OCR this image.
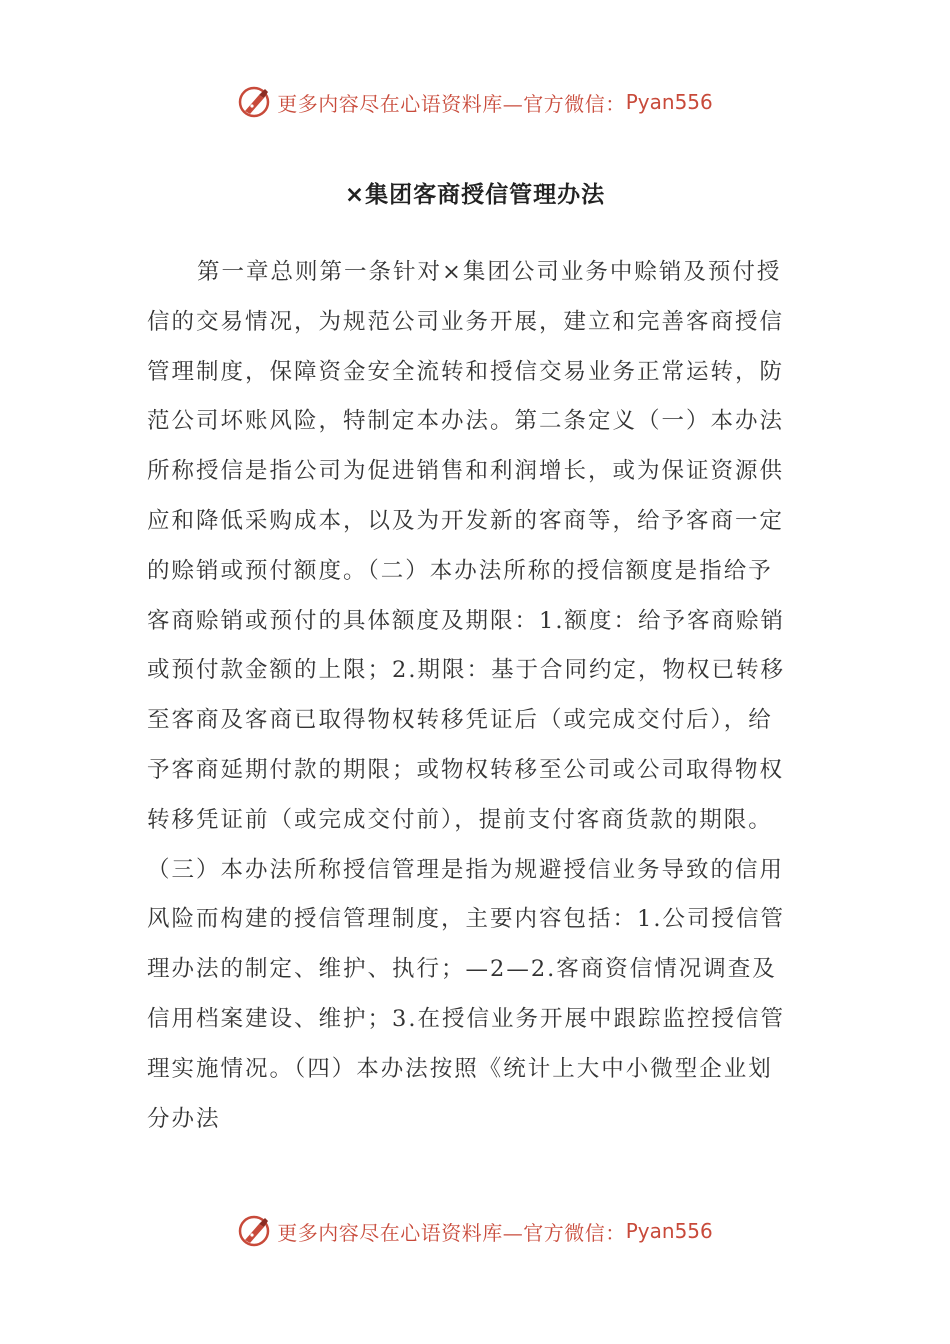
更多内容尽在心语资料库—官方微信： Pyan556
×集团客商授信管理办法
第一章总则第一条针对×集团公司业务中赊销及预付授信的交易情况，为规范公司业务开展，建立和完善客商授信管理制度，保障资金安全流转和授信交易业务正常运转，防范公司坏账风险，特制定本办法。第二条定义（一）本办法所称授信是指公司为促进销售和利润增长，或为保证资源供应和降低采购成本，以及为开发新的客商等，给予客商一定的赊销或预付额度。（二）本办法所称的授信额度是指给予客商赊销或预付的具体额度及期限：1.额度：给予客商赊销或预付款金额的上限；2.期限：基于合同约定，物权已转移至客商及客商已取得物权转移凭证后（或完成交付后），给予客商延期付款的期限；或物权转移至公司或公司取得物权转移凭证前（或完成交付前），提前支付客商货款的期限。（三）本办法所称授信管理是指为规避授信业务导致的信用风险而构建的授信管理制度，主要内容包括：1.公司授信管理办法的制定、维护、执行；—2—2.客商资信情况调查及信用档案建设、维护；3.在授信业务开展中跟踪监控授信管理实施情况。（四）本办法按照《统计上大中小微型企业划分办法
更多内容尽在心语资料库—官方微信： Pyan556
